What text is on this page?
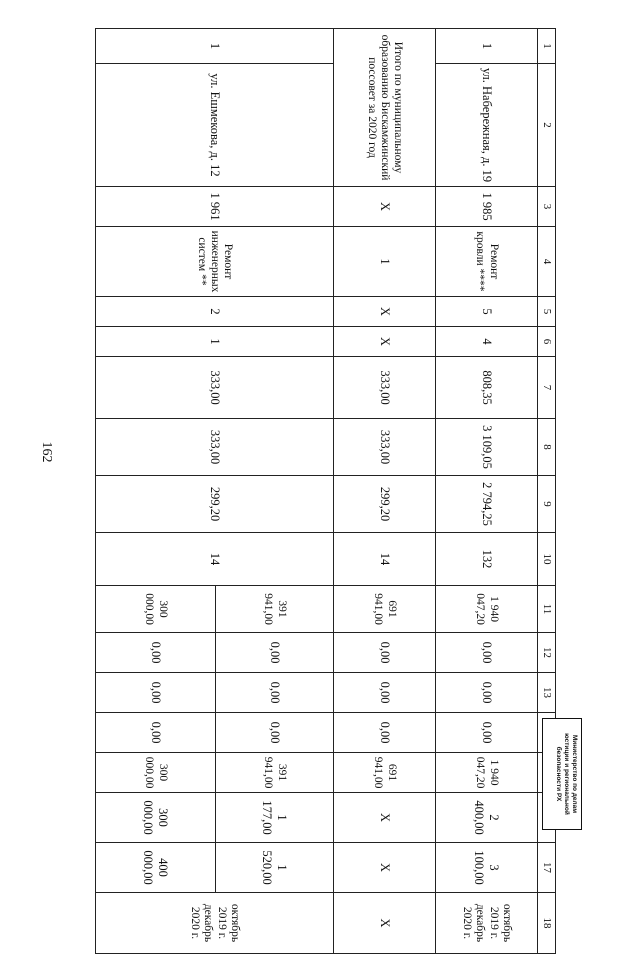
162
1	2	3	4	5	6	7	8	9	10	11	12	13				17	18
1	ул. Набережная, д. 19	1 985	Ремонт кровли ****	5	4	808,35	3 109,05	2 794,25	132	1 940 047,20	0,00	0,00	0,00	1 940 047,20	2 400,00	3 100,00	октябрь 2019 г.
декабрь 2020 г.

Итого по муниципальному образованию Бискамжинский поссовет за 2020 год		Х	1	Х	Х	333,00	333,00	299,20	14	691 941,00	0,00	0,00	0,00	691 941,00	Х	Х	Х
1	ул. Ешмекова, д. 12	1 961	Ремонт инженерных систем **	2	1	333,00	333,00	299,20	14	391 941,00	0,00	0,00	0,00	391 941,00	1 177,00	1 520,00	октябрь 2019 г.
декабрь 2020 г.

										300 000,00	0,00	0,00	0,00	300 000,00	300 000,00	400 000,00	
Министерство по делам
юстиции и региональной
безопасности РХ
